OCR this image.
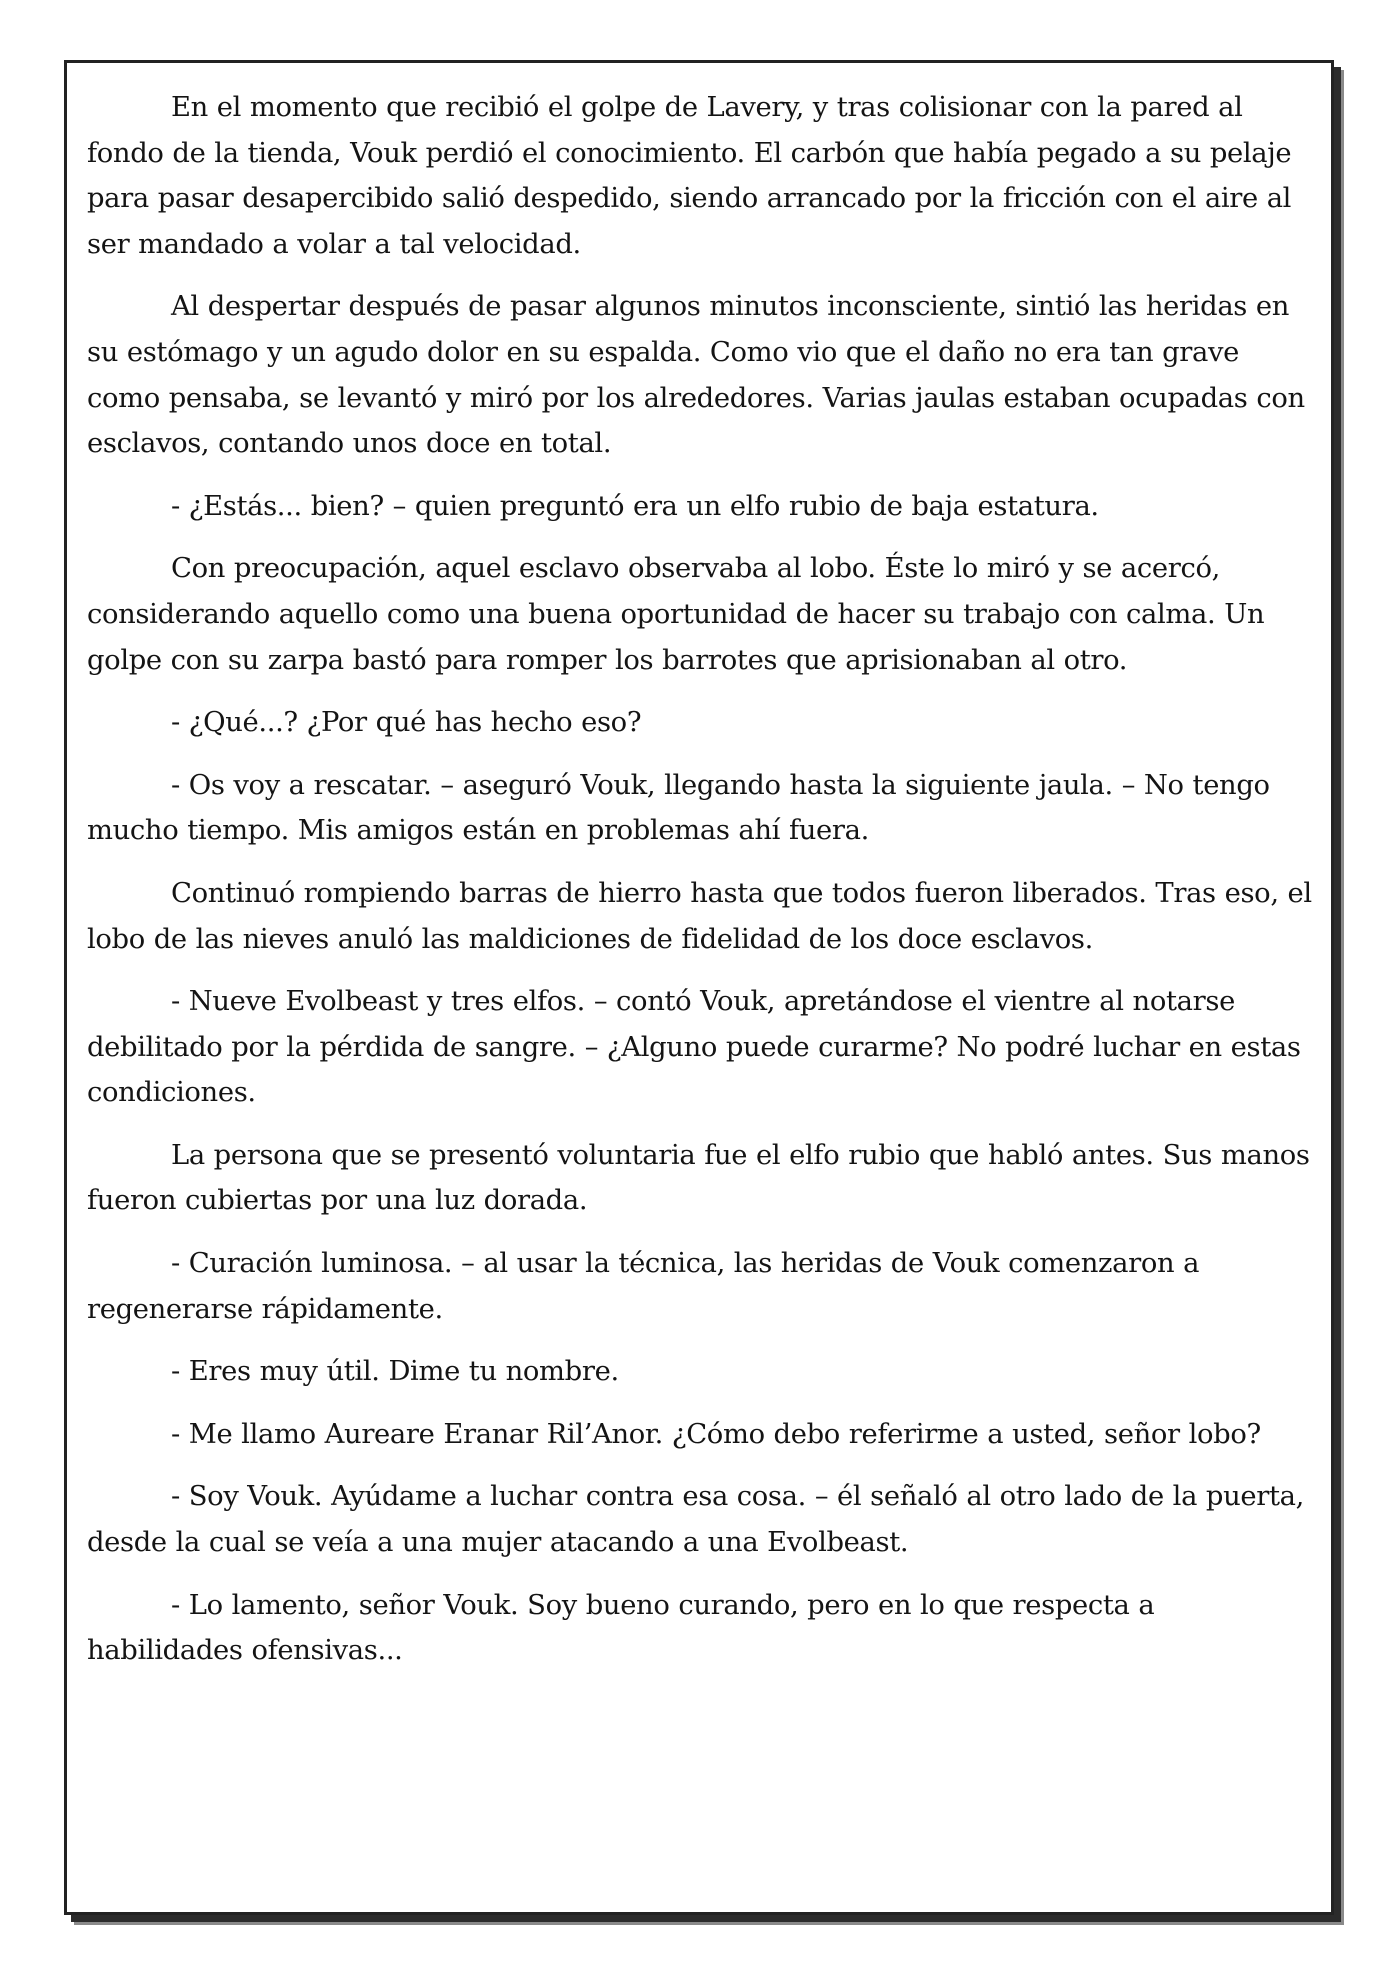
En el momento que recibió el golpe de Lavery, y tras colisionar con la pared al fondo de la tienda, Vouk perdió el conocimiento. El carbón que había pegado a su pelaje para pasar desapercibido salió despedido, siendo arrancado por la fricción con el aire al ser mandado a volar a tal velocidad.

Al despertar después de pasar algunos minutos inconsciente, sintió las heridas en su estómago y un agudo dolor en su espalda. Como vio que el daño no era tan grave como pensaba, se levantó y miró por los alrededores. Varias jaulas estaban ocupadas con esclavos, contando unos doce en total.

- ¿Estás... bien? – quien preguntó era un elfo rubio de baja estatura.

Con preocupación, aquel esclavo observaba al lobo. Éste lo miró y se acercó, considerando aquello como una buena oportunidad de hacer su trabajo con calma. Un golpe con su zarpa bastó para romper los barrotes que aprisionaban al otro.

- ¿Qué...? ¿Por qué has hecho eso?

- Os voy a rescatar. – aseguró Vouk, llegando hasta la siguiente jaula. – No tengo mucho tiempo. Mis amigos están en problemas ahí fuera.

Continuó rompiendo barras de hierro hasta que todos fueron liberados. Tras eso, el lobo de las nieves anuló las maldiciones de fidelidad de los doce esclavos.

- Nueve Evolbeast y tres elfos. – contó Vouk, apretándose el vientre al notarse debilitado por la pérdida de sangre. – ¿Alguno puede curarme? No podré luchar en estas condiciones.

La persona que se presentó voluntaria fue el elfo rubio que habló antes. Sus manos fueron cubiertas por una luz dorada.

- Curación luminosa. – al usar la técnica, las heridas de Vouk comenzaron a regenerarse rápidamente.

- Eres muy útil. Dime tu nombre.

- Me llamo Aureare Eranar Ril’Anor. ¿Cómo debo referirme a usted, señor lobo?

- Soy Vouk. Ayúdame a luchar contra esa cosa. – él señaló al otro lado de la puerta, desde la cual se veía a una mujer atacando a una Evolbeast.

- Lo lamento, señor Vouk. Soy bueno curando, pero en lo que respecta a habilidades ofensivas...
